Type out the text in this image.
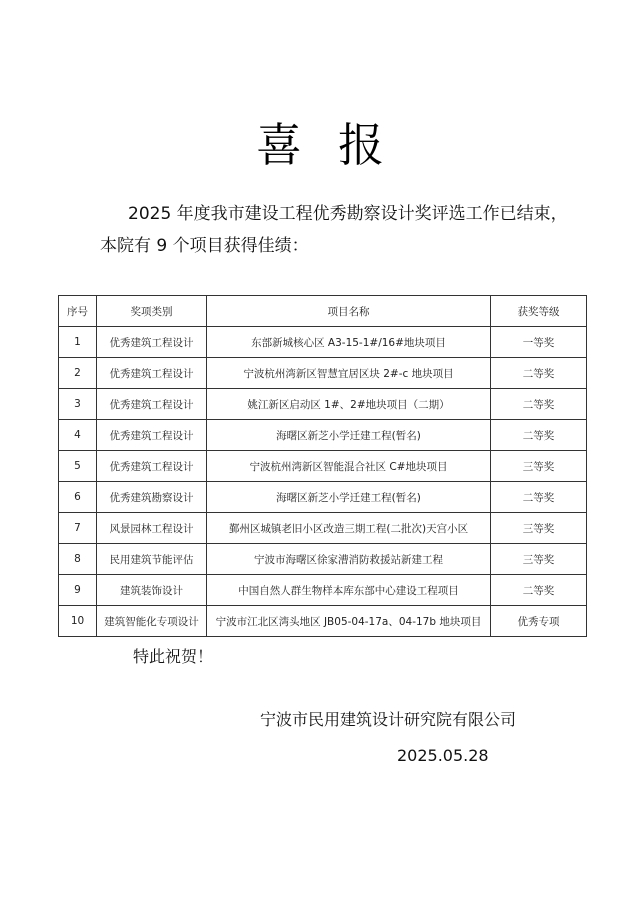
喜报
2025 年度我市建设工程优秀勘察设计奖评选工作已结束，本院有 9 个项目获得佳绩：
序号	奖项类别	项目名称	获奖等级
1	优秀建筑工程设计	东部新城核心区 A3-15-1#/16#地块项目	一等奖
2	优秀建筑工程设计	宁波杭州湾新区智慧宜居区块 2#-c 地块项目	二等奖
3	优秀建筑工程设计	姚江新区启动区 1#、2#地块项目（二期）	二等奖
4	优秀建筑工程设计	海曙区新芝小学迁建工程(暂名)	二等奖
5	优秀建筑工程设计	宁波杭州湾新区智能混合社区 C#地块项目	三等奖
6	优秀建筑勘察设计	海曙区新芝小学迁建工程(暂名)	二等奖
7	风景园林工程设计	鄞州区城镇老旧小区改造三期工程(二批次)天宫小区	三等奖
8	民用建筑节能评估	宁波市海曙区徐家漕消防救援站新建工程	三等奖
9	建筑装饰设计	中国自然人群生物样本库东部中心建设工程项目	二等奖
10	建筑智能化专项设计	宁波市江北区湾头地区 JB05-04-17a、04-17b 地块项目	优秀专项
特此祝贺！
宁波市民用建筑设计研究院有限公司
2025.05.28
